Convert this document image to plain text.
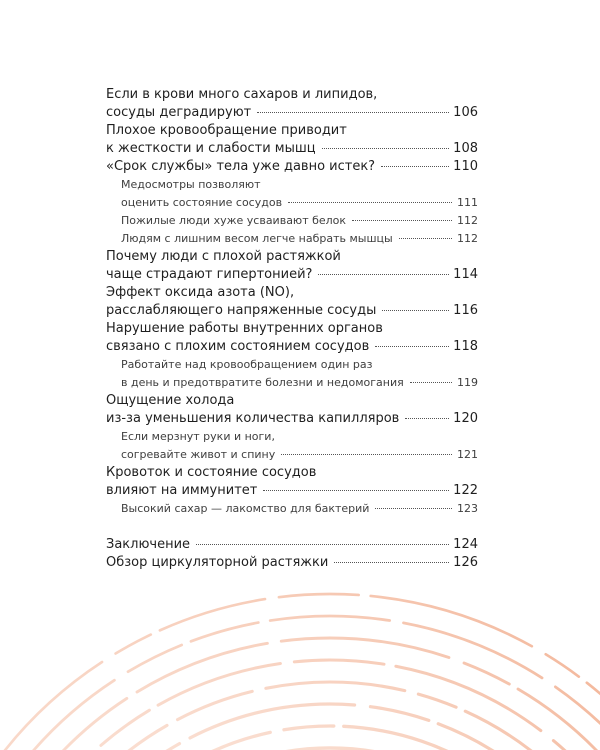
Если в крови много сахаров и липидов,
сосуды деградируют	106
Плохое кровообращение приводит
к жесткости и слабости мышц	108
«Срок службы» тела уже давно истек?	110
Медосмотры позволяют
оценить состояние сосудов	111
Пожилые люди хуже усваивают белок	112
Людям с лишним весом легче набрать мышцы	112
Почему люди с плохой растяжкой
чаще страдают гипертонией?	114
Эффект оксида азота (NO),
расслабляющего напряженные сосуды	116
Нарушение работы внутренних органов
связано с плохим состоянием сосудов	118
Работайте над кровообращением один раз
в день и предотвратите болезни и недомогания	119
Ощущение холода
из-за уменьшения количества капилляров	120
Если мерзнут руки и ноги,
согревайте живот и спину	121
Кровоток и состояние сосудов
влияют на иммунитет	122
Высокий сахар — лакомство для бактерий	123
Заключение	124
Обзор циркуляторной растяжки	126
